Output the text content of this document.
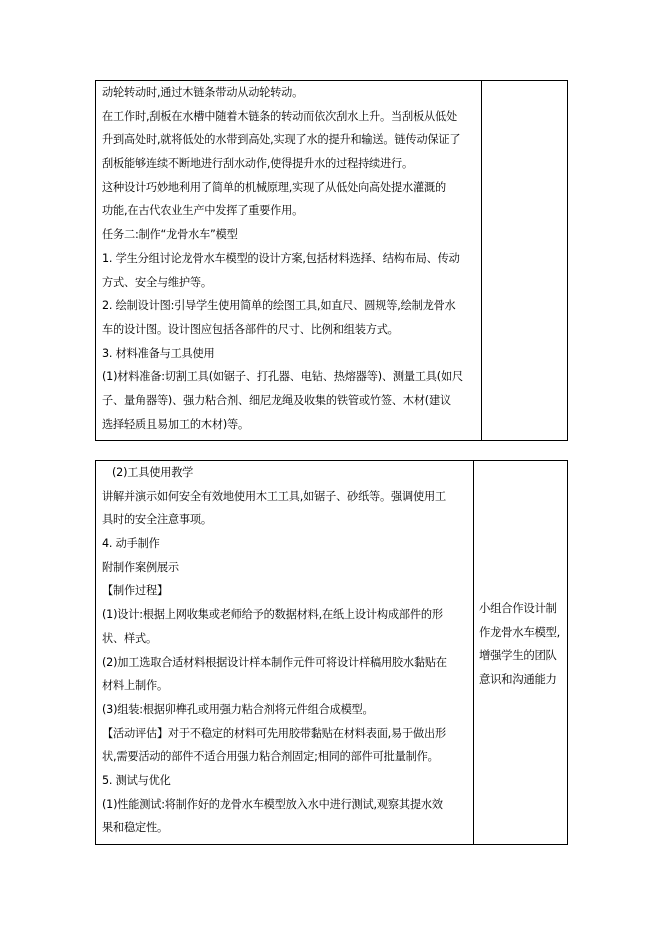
动轮转动时,通过木链条带动从动轮转动。
在工作时,刮板在水槽中随着木链条的转动而依次刮水上升。当刮板从低处
升到高处时,就将低处的水带到高处,实现了水的提升和输送。链传动保证了
刮板能够连续不断地进行刮水动作,使得提升水的过程持续进行。
这种设计巧妙地利用了简单的机械原理,实现了从低处向高处提水灌溉的
功能,在古代农业生产中发挥了重要作用。
任务二:制作“龙骨水车”模型
1. 学生分组讨论龙骨水车模型的设计方案,包括材料选择、结构布局、传动
方式、安全与维护等。
2. 绘制设计图:引导学生使用简单的绘图工具,如直尺、圆规等,绘制龙骨水
车的设计图。设计图应包括各部件的尺寸、比例和组装方式。
3. 材料准备与工具使用
(1)材料准备:切割工具(如锯子、打孔器、电钻、热熔器等)、测量工具(如尺
子、量角器等)、强力粘合剂、细尼龙绳及收集的铁管或竹签、木材(建议
选择轻质且易加工的木材)等。
(2)工具使用教学
讲解并演示如何安全有效地使用木工工具,如锯子、砂纸等。强调使用工
具时的安全注意事项。
4. 动手制作
附制作案例展示
【制作过程】
(1)设计:根据上网收集或老师给予的数据材料,在纸上设计构成部件的形
状、样式。
(2)加工选取合适材料根据设计样本制作元件可将设计样稿用胶水黏贴在
材料上制作。
(3)组装:根据卯榫孔或用强力粘合剂将元件组合成模型。
【活动评估】对于不稳定的材料可先用胶带黏贴在材料表面,易于做出形
状,需要活动的部件不适合用强力粘合剂固定;相同的部件可批量制作。
5. 测试与优化
(1)性能测试:将制作好的龙骨水车模型放入水中进行测试,观察其提水效
果和稳定性。
小组合作设计制
作龙骨水车模型,
增强学生的团队
意识和沟通能力
